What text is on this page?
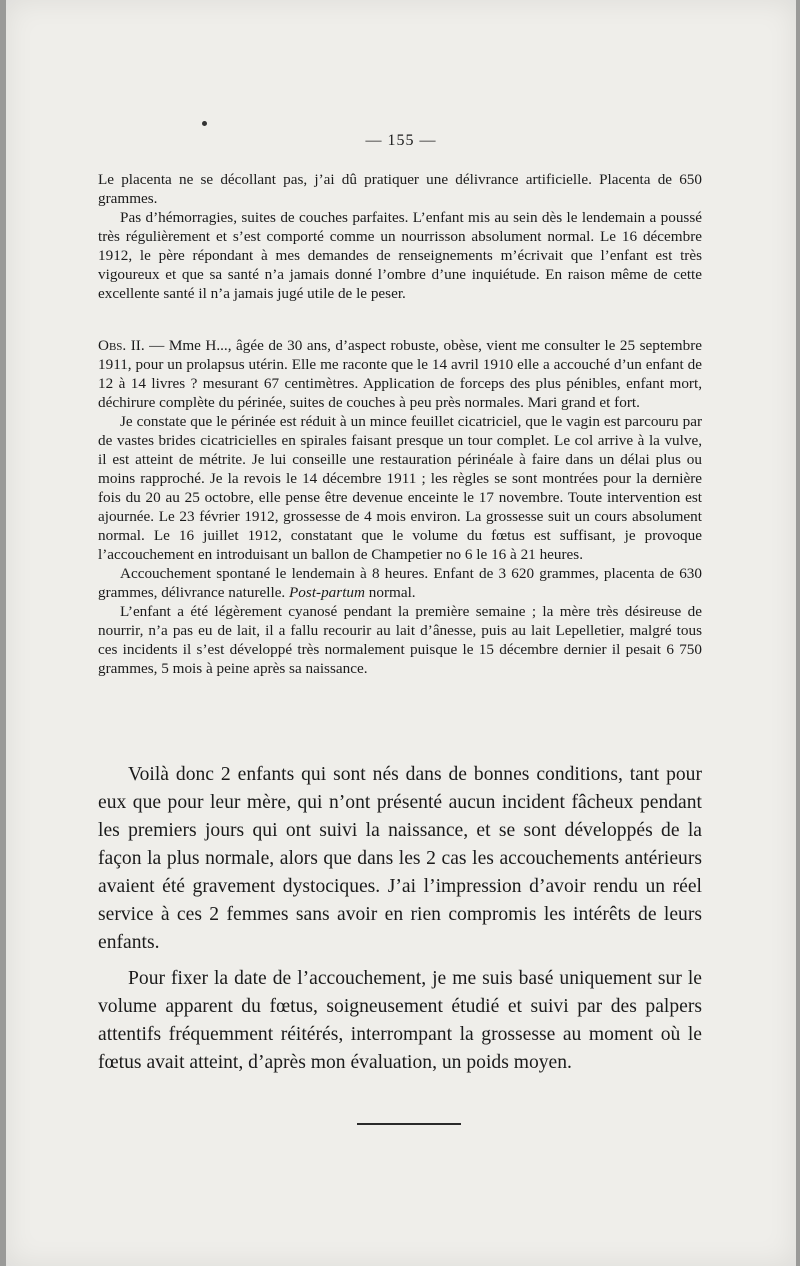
— 155 —

Le placenta ne se décollant pas, j’ai dû pratiquer une délivrance artificielle. Placenta de 650 grammes.

Pas d’hémorragies, suites de couches parfaites. L’enfant mis au sein dès le lendemain a poussé très régulièrement et s’est comporté comme un nourrisson absolument normal. Le 16 décembre 1912, le père répondant à mes demandes de renseignements m’écrivait que l’enfant est très vigoureux et que sa santé n’a jamais donné l’ombre d’une inquiétude. En raison même de cette excellente santé il n’a jamais jugé utile de le peser.

Obs. II. — Mme H..., âgée de 30 ans, d’aspect robuste, obèse, vient me consulter le 25 septembre 1911, pour un prolapsus utérin. Elle me raconte que le 14 avril 1910 elle a accouché d’un enfant de 12 à 14 livres ? mesurant 67 centimètres. Application de forceps des plus pénibles, enfant mort, déchirure complète du périnée, suites de couches à peu près normales. Mari grand et fort.

Je constate que le périnée est réduit à un mince feuillet cicatriciel, que le vagin est parcouru par de vastes brides cicatricielles en spirales faisant presque un tour complet. Le col arrive à la vulve, il est atteint de métrite. Je lui conseille une restauration périnéale à faire dans un délai plus ou moins rapproché. Je la revois le 14 décembre 1911 ; les règles se sont montrées pour la dernière fois du 20 au 25 octobre, elle pense être devenue enceinte le 17 novembre. Toute intervention est ajournée. Le 23 février 1912, grossesse de 4 mois environ. La grossesse suit un cours absolument normal. Le 16 juillet 1912, constatant que le volume du fœtus est suffisant, je provoque l’accouchement en introduisant un ballon de Champetier no 6 le 16 à 21 heures.

Accouchement spontané le lendemain à 8 heures. Enfant de 3 620 grammes, placenta de 630 grammes, délivrance naturelle. Post-partum normal.

L’enfant a été légèrement cyanosé pendant la première semaine ; la mère très désireuse de nourrir, n’a pas eu de lait, il a fallu recourir au lait d’ânesse, puis au lait Lepelletier, malgré tous ces incidents il s’est développé très normalement puisque le 15 décembre dernier il pesait 6 750 grammes, 5 mois à peine après sa naissance.

Voilà donc 2 enfants qui sont nés dans de bonnes conditions, tant pour eux que pour leur mère, qui n’ont présenté aucun incident fâcheux pendant les premiers jours qui ont suivi la naissance, et se sont développés de la façon la plus normale, alors que dans les 2 cas les accouchements antérieurs avaient été gravement dystociques. J’ai l’impression d’avoir rendu un réel service à ces 2 femmes sans avoir en rien compromis les intérêts de leurs enfants.

Pour fixer la date de l’accouchement, je me suis basé uniquement sur le volume apparent du fœtus, soigneusement étudié et suivi par des palpers attentifs fréquemment réitérés, interrompant la grossesse au moment où le fœtus avait atteint, d’après mon évaluation, un poids moyen.
